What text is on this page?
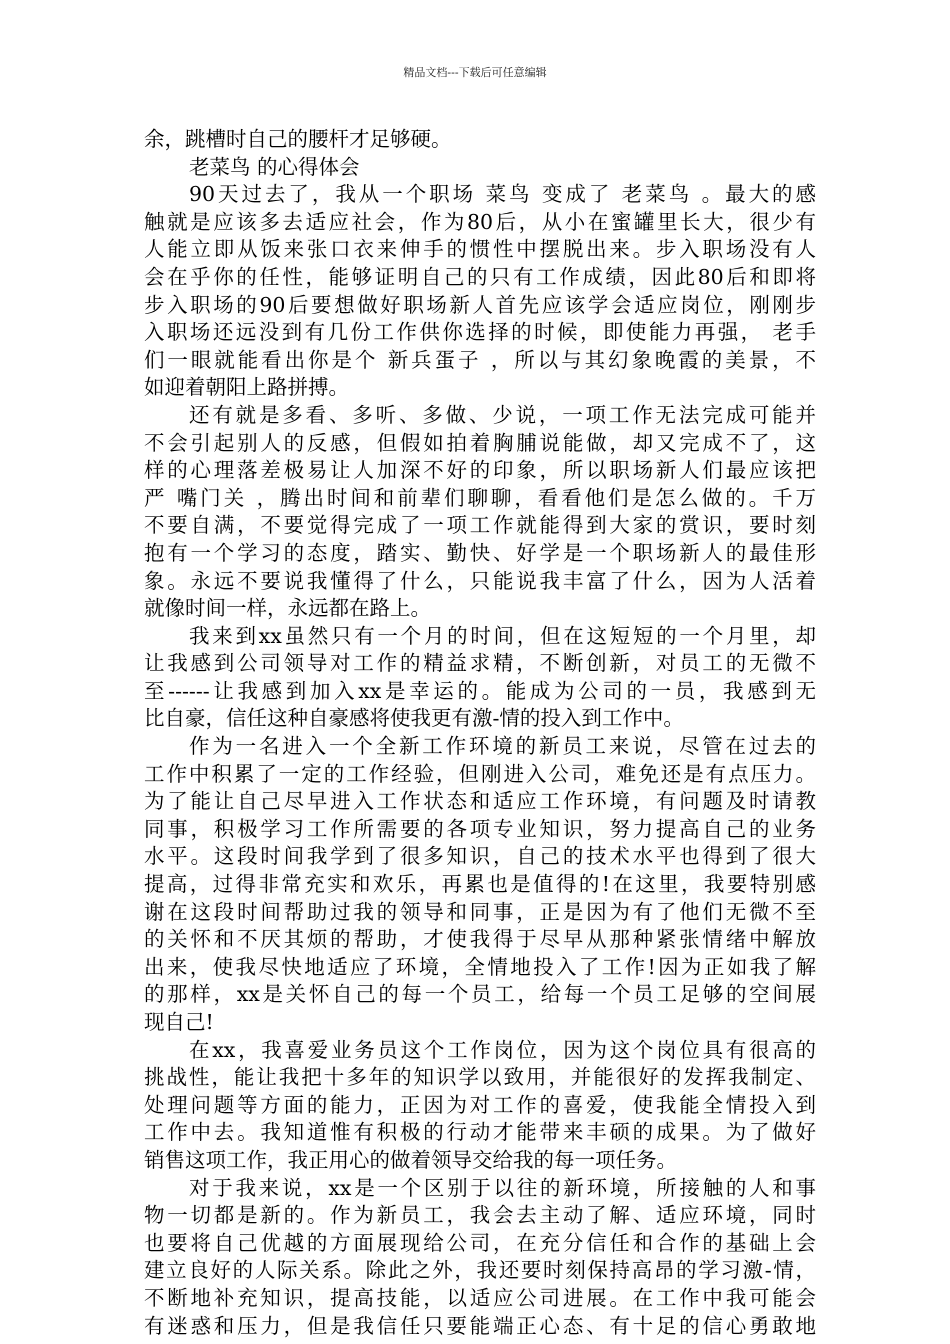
精品文档---下载后可任意编辑
余，跳槽时自己的腰杆才足够硬。
老菜鸟 的心得体会
90天过去了，我从一个职场 菜鸟 变成了 老菜鸟 。最大的感
触就是应该多去适应社会，作为80后，从小在蜜罐里长大，很少有
人能立即从饭来张口衣来伸手的惯性中摆脱出来。步入职场没有人
会在乎你的任性，能够证明自己的只有工作成绩，因此80后和即将
步入职场的90后要想做好职场新人首先应该学会适应岗位，刚刚步
入职场还远没到有几份工作供你选择的时候，即使能力再强， 老手
们一眼就能看出你是个 新兵蛋子 ，所以与其幻象晚霞的美景，不
如迎着朝阳上路拼搏。
还有就是多看、多听、多做、少说，一项工作无法完成可能并
不会引起别人的反感，但假如拍着胸脯说能做，却又完成不了，这
样的心理落差极易让人加深不好的印象，所以职场新人们最应该把
严 嘴门关 ，腾出时间和前辈们聊聊，看看他们是怎么做的。千万
不要自满，不要觉得完成了一项工作就能得到大家的赏识，要时刻
抱有一个学习的态度，踏实、勤快、好学是一个职场新人的最佳形
象。永远不要说我懂得了什么，只能说我丰富了什么，因为人活着
就像时间一样，永远都在路上。
我来到xx虽然只有一个月的时间，但在这短短的一个月里，却
让我感到公司领导对工作的精益求精，不断创新，对员工的无微不
至------让我感到加入xx是幸运的。能成为公司的一员，我感到无
比自豪，信任这种自豪感将使我更有激-情的投入到工作中。
作为一名进入一个全新工作环境的新员工来说，尽管在过去的
工作中积累了一定的工作经验，但刚进入公司，难免还是有点压力。
为了能让自己尽早进入工作状态和适应工作环境，有问题及时请教
同事，积极学习工作所需要的各项专业知识，努力提高自己的业务
水平。这段时间我学到了很多知识，自己的技术水平也得到了很大
提高，过得非常充实和欢乐，再累也是值得的!在这里，我要特别感
谢在这段时间帮助过我的领导和同事，正是因为有了他们无微不至
的关怀和不厌其烦的帮助，才使我得于尽早从那种紧张情绪中解放
出来，使我尽快地适应了环境，全情地投入了工作!因为正如我了解
的那样，xx是关怀自己的每一个员工，给每一个员工足够的空间展
现自己!
在xx，我喜爱业务员这个工作岗位，因为这个岗位具有很高的
挑战性，能让我把十多年的知识学以致用，并能很好的发挥我制定、
处理问题等方面的能力，正因为对工作的喜爱，使我能全情投入到
工作中去。我知道惟有积极的行动才能带来丰硕的成果。为了做好
销售这项工作，我正用心的做着领导交给我的每一项任务。
对于我来说，xx是一个区别于以往的新环境，所接触的人和事
物一切都是新的。作为新员工，我会去主动了解、适应环境，同时
也要将自己优越的方面展现给公司，在充分信任和合作的基础上会
建立良好的人际关系。除此之外，我还要时刻保持高昂的学习激-情，
不断地补充知识，提高技能，以适应公司进展。在工作中我可能会
有迷惑和压力，但是我信任只要能端正心态、有十足的信心勇敢地
